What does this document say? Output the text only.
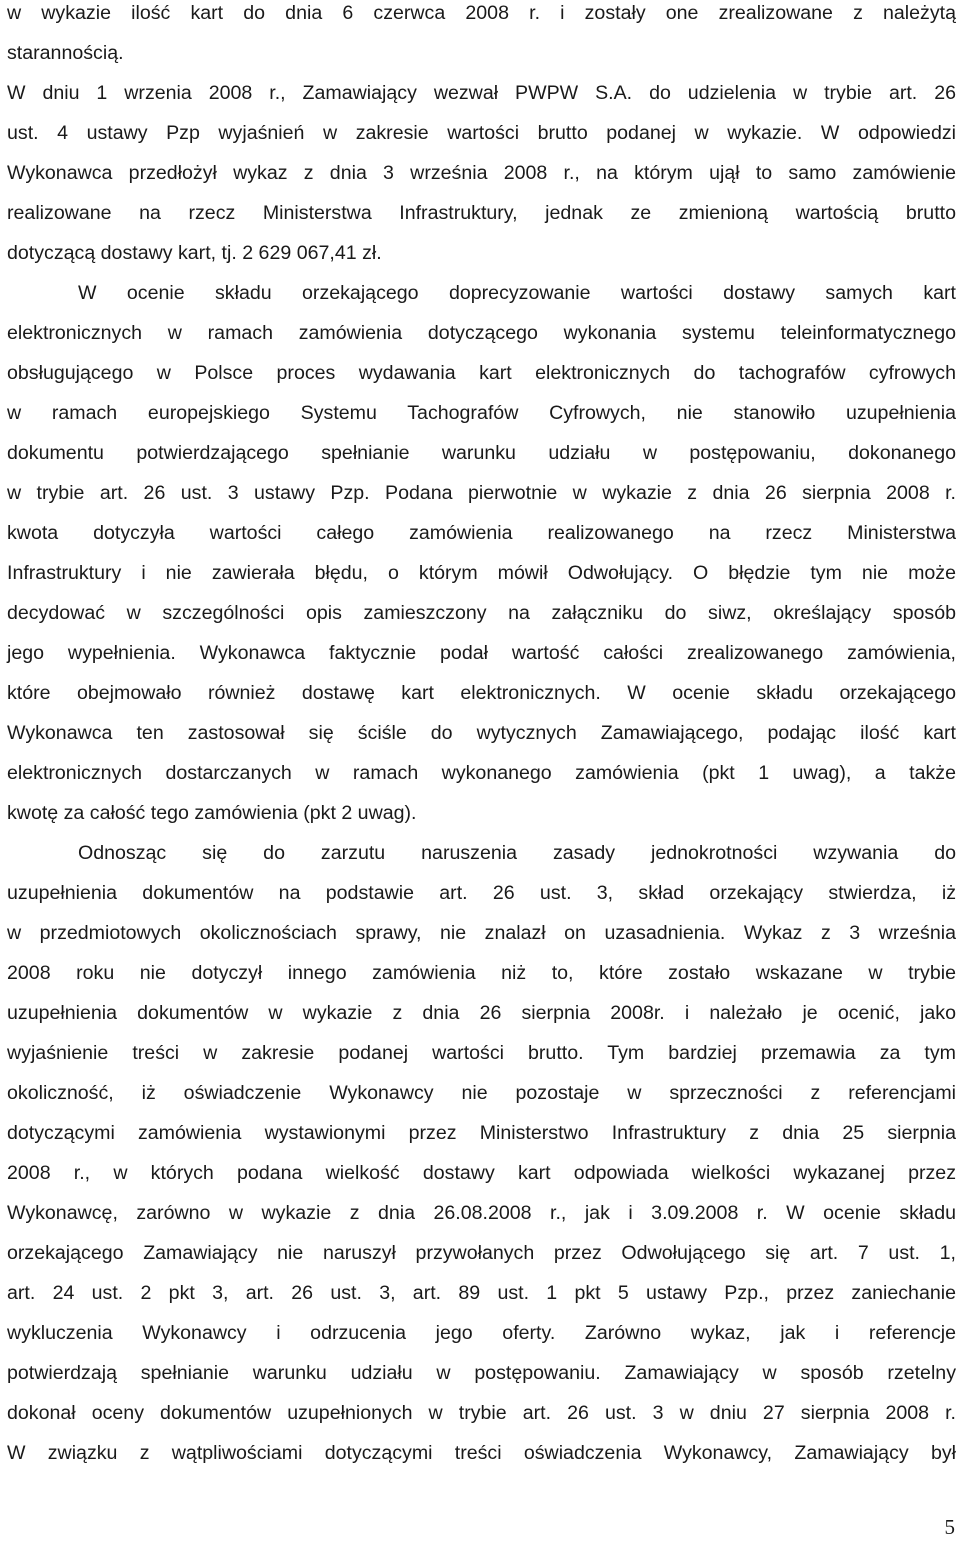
w wykazie ilość kart do dnia 6 czerwca 2008 r. i zostały one zrealizowane z należytą
starannością.
W dniu 1 wrzenia 2008 r., Zamawiający wezwał PWPW S.A. do udzielenia w trybie art. 26
ust. 4 ustawy Pzp wyjaśnień w zakresie wartości brutto podanej w wykazie. W odpowiedzi
Wykonawca przedłożył wykaz z dnia 3 września 2008 r., na którym ujął to samo zamówienie
realizowane na rzecz Ministerstwa Infrastruktury, jednak ze zmienioną wartością brutto
dotyczącą dostawy kart, tj. 2 629 067,41 zł.
W ocenie składu orzekającego doprecyzowanie wartości dostawy samych kart
elektronicznych w ramach zamówienia dotyczącego wykonania systemu teleinformatycznego
obsługującego w Polsce proces wydawania kart elektronicznych do tachografów cyfrowych
w ramach europejskiego Systemu Tachografów Cyfrowych, nie stanowiło uzupełnienia
dokumentu potwierdzającego spełnianie warunku udziału w postępowaniu, dokonanego
w trybie art. 26 ust. 3 ustawy Pzp. Podana pierwotnie w wykazie z dnia 26 sierpnia 2008 r.
kwota dotyczyła wartości całego zamówienia realizowanego na rzecz Ministerstwa
Infrastruktury i nie zawierała błędu, o którym mówił Odwołujący. O błędzie tym nie może
decydować w szczególności opis zamieszczony na załączniku do siwz, określający sposób
jego wypełnienia. Wykonawca faktycznie podał wartość całości zrealizowanego zamówienia,
które obejmowało również dostawę kart elektronicznych. W ocenie składu orzekającego
Wykonawca ten zastosował się ściśle do wytycznych Zamawiającego, podając ilość kart
elektronicznych dostarczanych w ramach wykonanego zamówienia (pkt 1 uwag), a także
kwotę za całość tego zamówienia (pkt 2 uwag).
Odnosząc się do zarzutu naruszenia zasady jednokrotności wzywania do
uzupełnienia dokumentów na podstawie art. 26 ust. 3, skład orzekający stwierdza, iż
w przedmiotowych okolicznościach sprawy, nie znalazł on uzasadnienia. Wykaz z 3 września
2008 roku nie dotyczył innego zamówienia niż to, które zostało wskazane w trybie
uzupełnienia dokumentów w wykazie z dnia 26 sierpnia 2008r. i należało je ocenić, jako
wyjaśnienie treści w zakresie podanej wartości brutto. Tym bardziej przemawia za tym
okoliczność, iż oświadczenie Wykonawcy nie pozostaje w sprzeczności z referencjami
dotyczącymi zamówienia wystawionymi przez Ministerstwo Infrastruktury z dnia 25 sierpnia
2008 r., w których podana wielkość dostawy kart odpowiada wielkości wykazanej przez
Wykonawcę, zarówno w wykazie z dnia 26.08.2008 r., jak i 3.09.2008 r. W ocenie składu
orzekającego Zamawiający nie naruszył przywołanych przez Odwołującego się art. 7 ust. 1,
art. 24 ust. 2 pkt 3, art. 26 ust. 3, art. 89 ust. 1 pkt 5 ustawy Pzp., przez zaniechanie
wykluczenia Wykonawcy i odrzucenia jego oferty. Zarówno wykaz, jak i referencje
potwierdzają spełnianie warunku udziału w postępowaniu. Zamawiający w sposób rzetelny
dokonał oceny dokumentów uzupełnionych w trybie art. 26 ust. 3 w dniu 27 sierpnia 2008 r.
W związku z wątpliwościami dotyczącymi treści oświadczenia Wykonawcy, Zamawiający był
5
